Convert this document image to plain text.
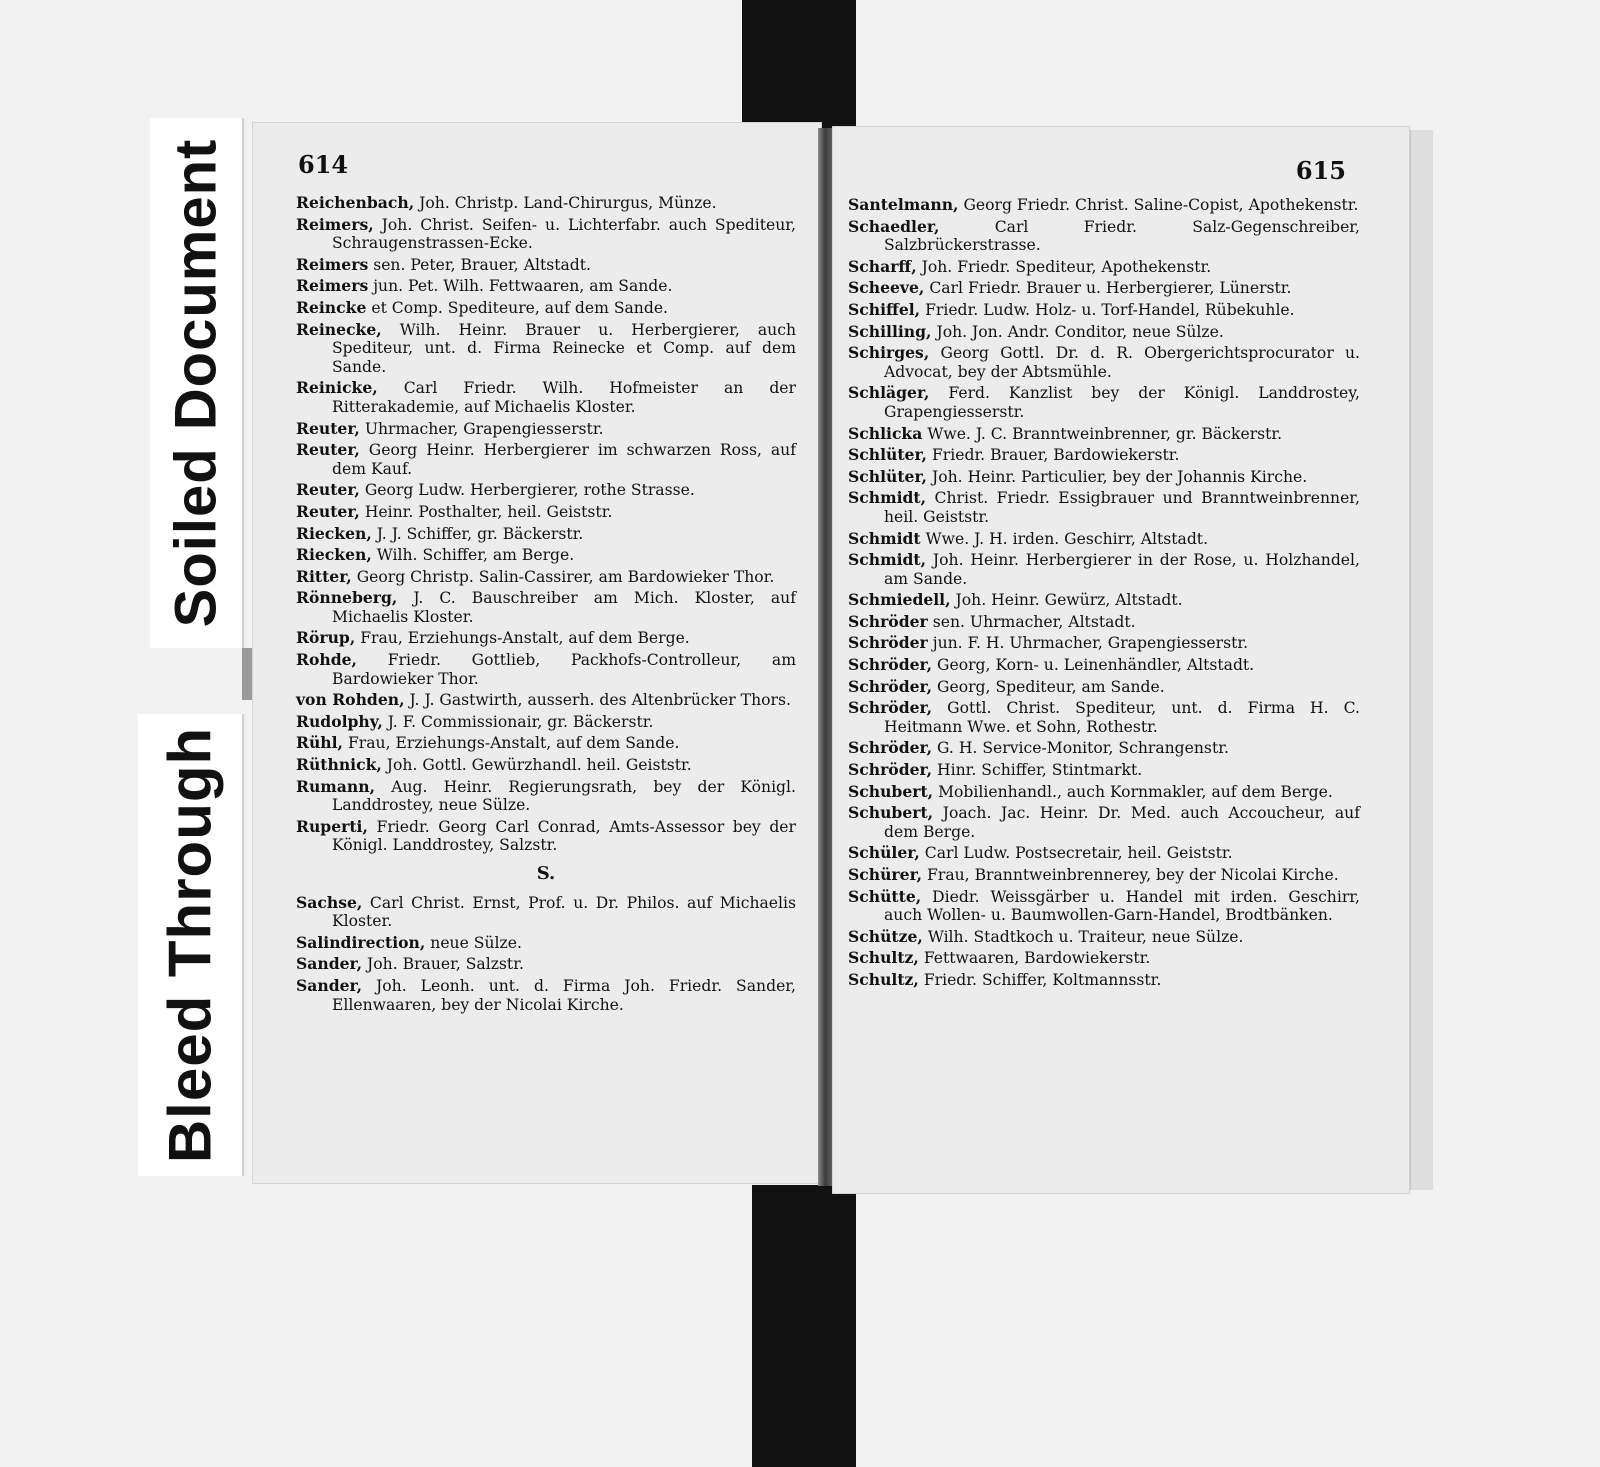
Soiled Document
Bleed Through
614
Reichenbach, Joh. Christp. Land-Chirurgus, Münze.
Reimers, Joh. Christ. Seifen- u. Lichterfabr. auch Spediteur, Schraugenstrassen-Ecke.
Reimers sen. Peter, Brauer, Altstadt.
Reimers jun. Pet. Wilh. Fettwaaren, am Sande.
Reincke et Comp. Spediteure, auf dem Sande.
Reinecke, Wilh. Heinr. Brauer u. Herbergierer, auch Spediteur, unt. d. Firma Reinecke et Comp. auf dem Sande.
Reinicke, Carl Friedr. Wilh. Hofmeister an der Ritterakademie, auf Michaelis Kloster.
Reuter, Uhrmacher, Grapengiesserstr.
Reuter, Georg Heinr. Herbergierer im schwarzen Ross, auf dem Kauf.
Reuter, Georg Ludw. Herbergierer, rothe Strasse.
Reuter, Heinr. Posthalter, heil. Geiststr.
Riecken, J. J. Schiffer, gr. Bäckerstr.
Riecken, Wilh. Schiffer, am Berge.
Ritter, Georg Christp. Salin-Cassirer, am Bardowieker Thor.
Rönneberg, J. C. Bauschreiber am Mich. Kloster, auf Michaelis Kloster.
Rörup, Frau, Erziehungs-Anstalt, auf dem Berge.
Rohde, Friedr. Gottlieb, Packhofs-Controlleur, am Bardowieker Thor.
von Rohden, J. J. Gastwirth, ausserh. des Altenbrücker Thors.
Rudolphy, J. F. Commissionair, gr. Bäckerstr.
Rühl, Frau, Erziehungs-Anstalt, auf dem Sande.
Rüthnick, Joh. Gottl. Gewürzhandl. heil. Geiststr.
Rumann, Aug. Heinr. Regierungsrath, bey der Königl. Landdrostey, neue Sülze.
Ruperti, Friedr. Georg Carl Conrad, Amts-Assessor bey der Königl. Landdrostey, Salzstr.
S.
Sachse, Carl Christ. Ernst, Prof. u. Dr. Philos. auf Michaelis Kloster.
Salindirection, neue Sülze.
Sander, Joh. Brauer, Salzstr.
Sander, Joh. Leonh. unt. d. Firma Joh. Friedr. Sander, Ellenwaaren, bey der Nicolai Kirche.
615
Santelmann, Georg Friedr. Christ. Saline-Copist, Apothekenstr.
Schaedler,	Carl Friedr. Salz-Gegenschreiber, Salzbrückerstrasse.
Scharff, Joh. Friedr. Spediteur, Apothekenstr.
Scheeve, Carl Friedr. Brauer u. Herbergierer, Lünerstr.
Schiffel, Friedr. Ludw. Holz- u. Torf-Handel, Rübekuhle.
Schilling, Joh. Jon. Andr. Conditor, neue Sülze.
Schirges, Georg Gottl. Dr. d. R. Obergerichtsprocurator u. Advocat, bey der Abtsmühle.
Schläger, Ferd. Kanzlist bey der Königl. Landdrostey, Grapengiesserstr.
Schlicka Wwe. J. C. Branntweinbrenner, gr. Bäckerstr.
Schlüter, Friedr. Brauer, Bardowiekerstr.
Schlüter, Joh. Heinr. Particulier, bey der Johannis Kirche.
Schmidt, Christ. Friedr. Essigbrauer und Branntweinbrenner, heil. Geiststr.
Schmidt Wwe. J. H. irden. Geschirr, Altstadt.
Schmidt, Joh. Heinr. Herbergierer in der Rose, u. Holzhandel, am Sande.
Schmiedell, Joh. Heinr. Gewürz, Altstadt.
Schröder sen. Uhrmacher, Altstadt.
Schröder jun. F. H. Uhrmacher, Grapengiesserstr.
Schröder, Georg, Korn- u. Leinenhändler, Altstadt.
Schröder, Georg, Spediteur, am Sande.
Schröder, Gottl. Christ. Spediteur, unt. d. Firma H. C. Heitmann Wwe. et Sohn, Rothestr.
Schröder, G. H. Service-Monitor, Schrangenstr.
Schröder, Hinr. Schiffer, Stintmarkt.
Schubert, Mobilienhandl., auch Kornmakler, auf dem Berge.
Schubert, Joach. Jac. Heinr. Dr. Med. auch Accoucheur, auf dem Berge.
Schüler, Carl Ludw. Postsecretair, heil. Geiststr.
Schürer, Frau, Branntweinbrennerey, bey der Nicolai Kirche.
Schütte, Diedr. Weissgärber u. Handel mit irden. Geschirr, auch Wollen- u. Baumwollen-Garn-Handel, Brodtbänken.
Schütze, Wilh. Stadtkoch u. Traiteur, neue Sülze.
Schultz, Fettwaaren, Bardowiekerstr.
Schultz, Friedr. Schiffer, Koltmannsstr.
